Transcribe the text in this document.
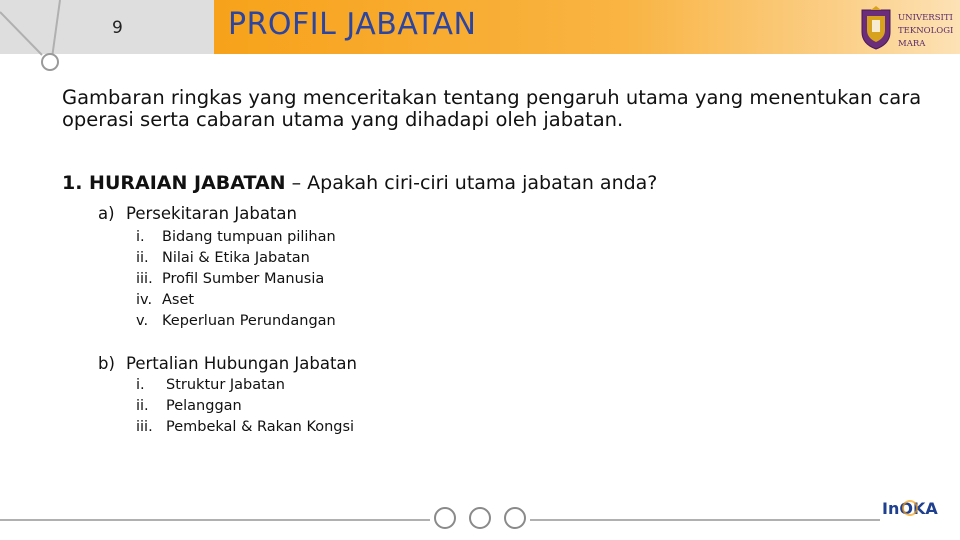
9	PROFIL JABATAN	UNIVERSITI
TEKNOLOGI
MARA
Gambaran ringkas yang menceritakan tentang pengaruh utama yang menentukan cara operasi serta cabaran utama yang dihadapi oleh jabatan.
1. HURAIAN JABATAN – Apakah ciri-ciri utama jabatan anda?
a) Persekitaran Jabatan
i. Bidang tumpuan pilihan
ii. Nilai & Etika Jabatan
iii. Profil Sumber Manusia
iv. Aset
v. Keperluan Perundangan
b) Pertalian Hubungan Jabatan
i. Struktur Jabatan
ii. Pelanggan
iii. Pembekal & Rakan Kongsi
InOKA
